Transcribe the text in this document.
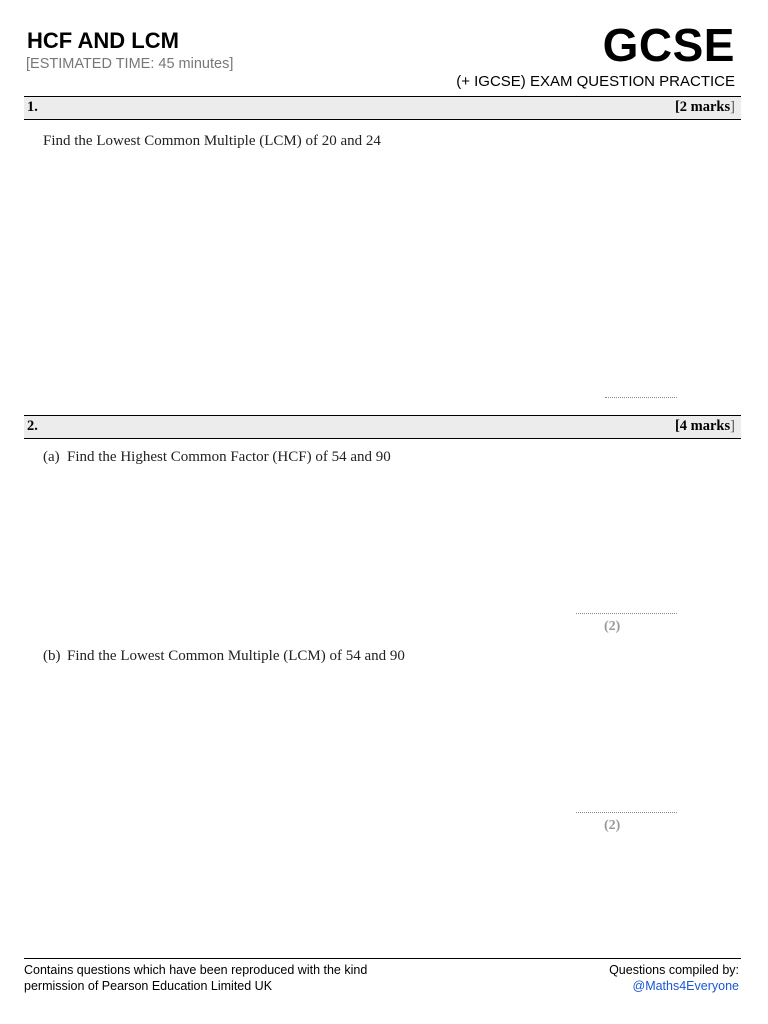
HCF AND LCM
[ESTIMATED TIME: 45 minutes]	GCSE
(+ IGCSE) EXAM QUESTION PRACTICE
1.	[2 marks]
Find the Lowest Common Multiple (LCM) of 20 and 24
2.	[4 marks]
(a) Find the Highest Common Factor (HCF) of 54 and 90
(2)
(b) Find the Lowest Common Multiple (LCM) of 54 and 90
(2)
Contains questions which have been reproduced with the kind
permission of Pearson Education Limited UK
Questions compiled by:
@Maths4Everyone
